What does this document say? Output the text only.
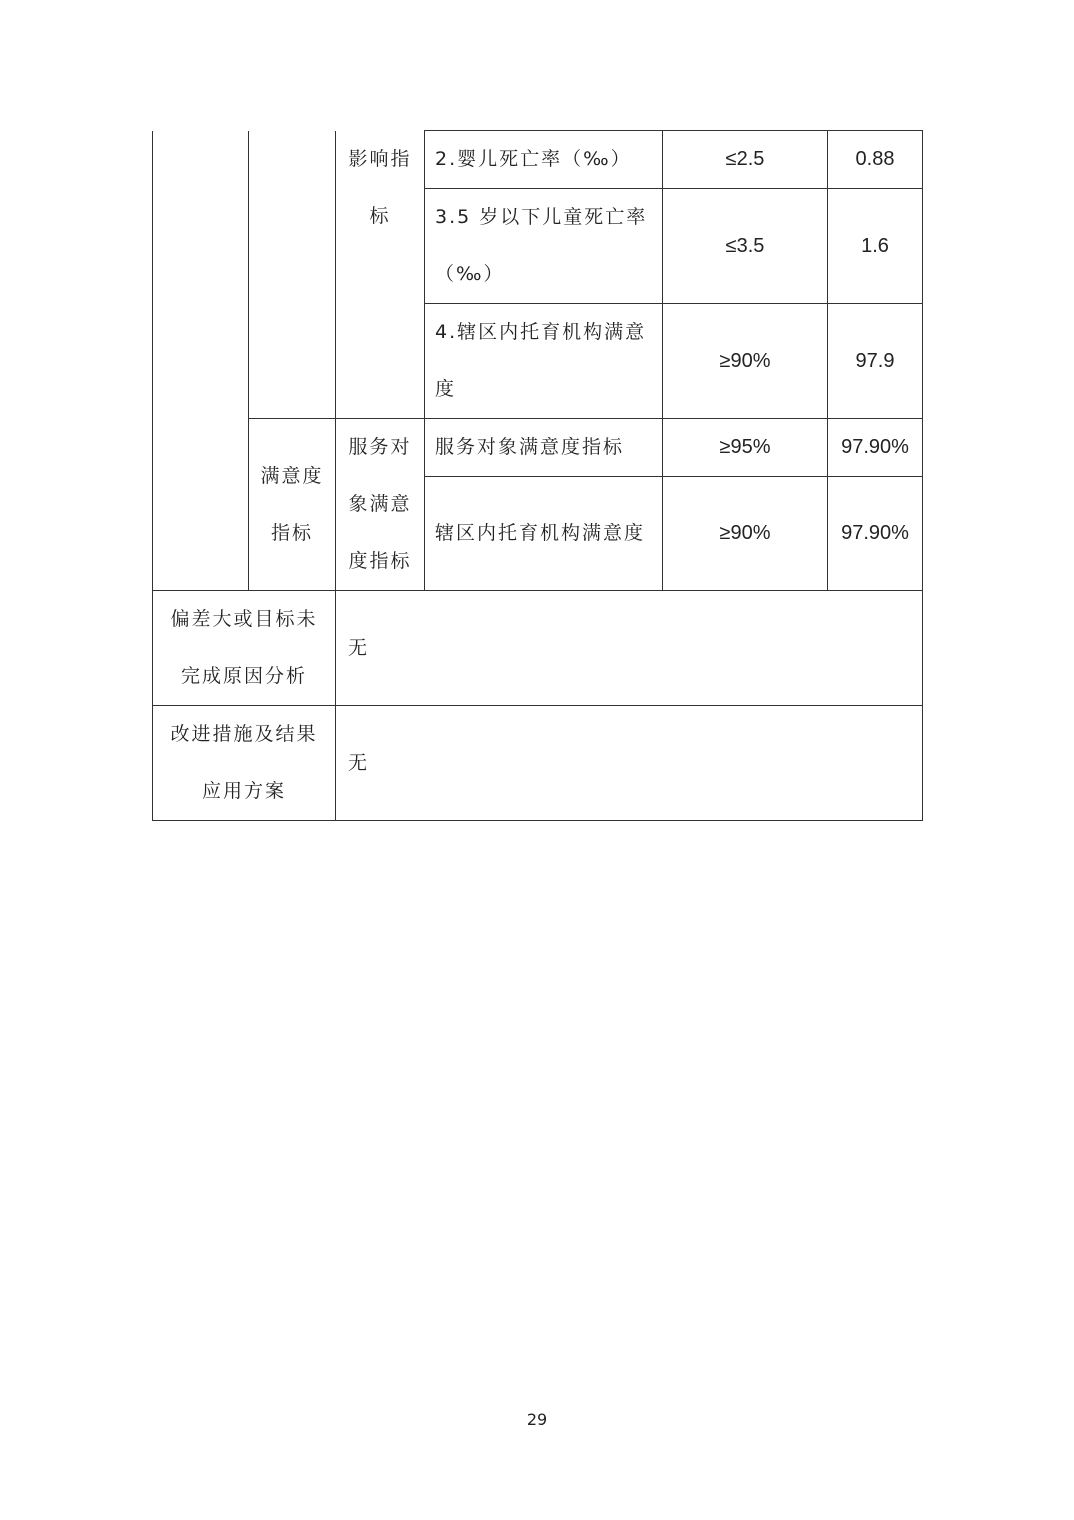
		影响指标	2.婴儿死亡率（‰）	≤2.5	0.88
			3.5 岁以下儿童死亡率（‰）	≤3.5	1.6
			4.辖区内托育机构满意度	≥90%	97.9
	满意度指标	服务对象满意度指标	服务对象满意度指标	≥95%	97.90%
			辖区内托育机构满意度	≥90%	97.90%
偏差大或目标未完成原因分析		无			
改进措施及结果应用方案		无			
29
